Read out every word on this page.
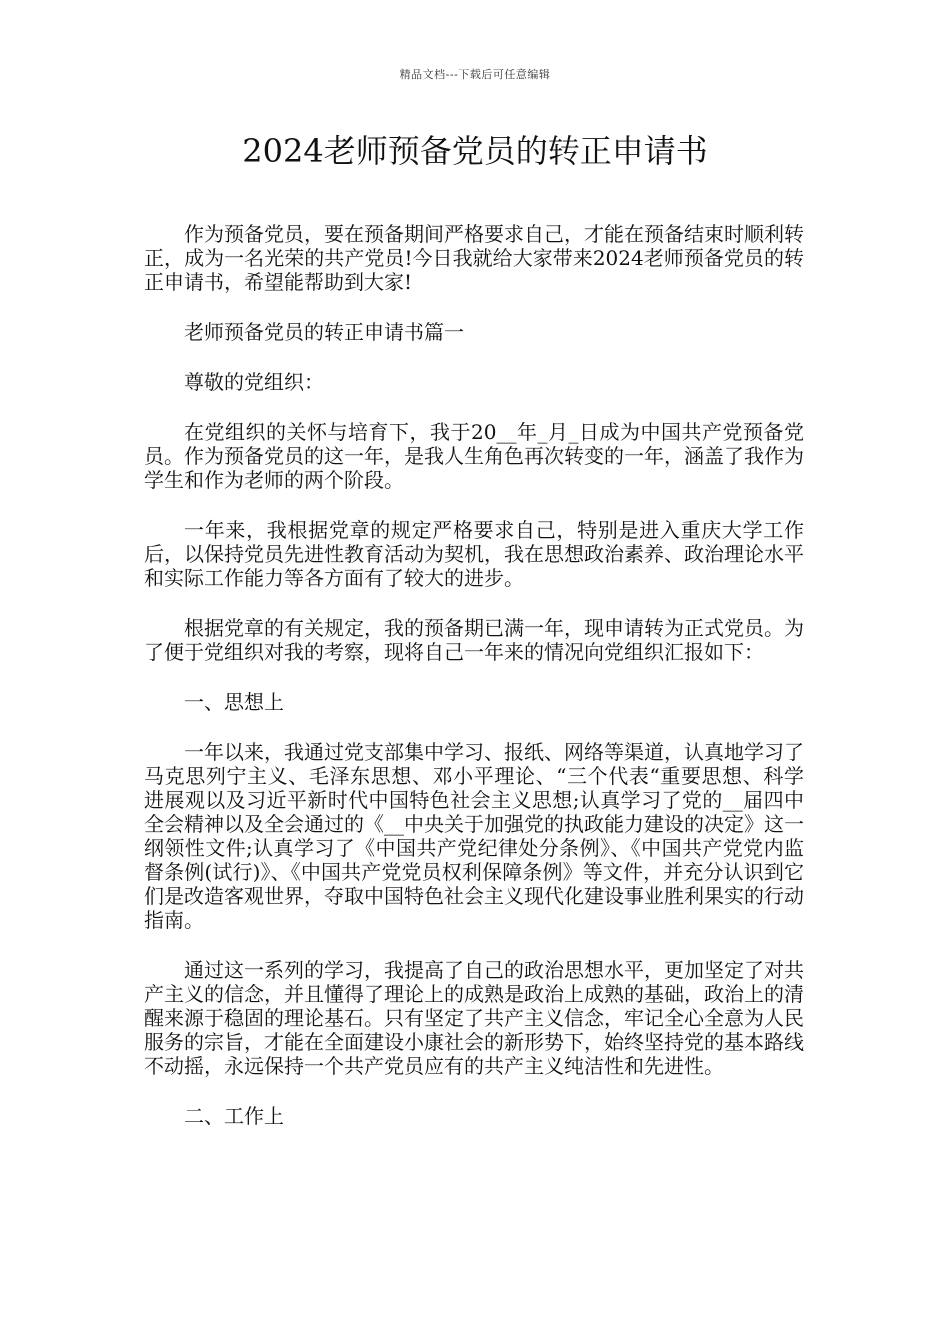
精品文档---下载后可任意编辑
2024老师预备党员的转正申请书

作为预备党员，要在预备期间严格要求自己，才能在预备结束时顺利转正，成为一名光荣的共产党员!今日我就给大家带来2024老师预备党员的转正申请书，希望能帮助到大家!

老师预备党员的转正申请书篇一

尊敬的党组织：

在党组织的关怀与培育下，我于20__年_月_日成为中国共产党预备党员。作为预备党员的这一年，是我人生角色再次转变的一年，涵盖了我作为学生和作为老师的两个阶段。

一年来，我根据党章的规定严格要求自己，特别是进入重庆大学工作后，以保持党员先进性教育活动为契机，我在思想政治素养、政治理论水平和实际工作能力等各方面有了较大的进步。

根据党章的有关规定，我的预备期已满一年，现申请转为正式党员。为了便于党组织对我的考察，现将自己一年来的情况向党组织汇报如下：

一、思想上

一年以来，我通过党支部集中学习、报纸、网络等渠道，认真地学习了马克思列宁主义、毛泽东思想、邓小平理论、“三个代表“重要思想、科学进展观以及习近平新时代中国特色社会主义思想;认真学习了党的__届四中全会精神以及全会通过的《__中央关于加强党的执政能力建设的决定》这一纲领性文件;认真学习了《中国共产党纪律处分条例》、《中国共产党党内监督条例(试行)》、《中国共产党党员权利保障条例》等文件，并充分认识到它们是改造客观世界，夺取中国特色社会主义现代化建设事业胜利果实的行动指南。

通过这一系列的学习，我提高了自己的政治思想水平，更加坚定了对共产主义的信念，并且懂得了理论上的成熟是政治上成熟的基础，政治上的清醒来源于稳固的理论基石。只有坚定了共产主义信念，牢记全心全意为人民服务的宗旨，才能在全面建设小康社会的新形势下，始终坚持党的基本路线不动摇，永远保持一个共产党员应有的共产主义纯洁性和先进性。

二、工作上
